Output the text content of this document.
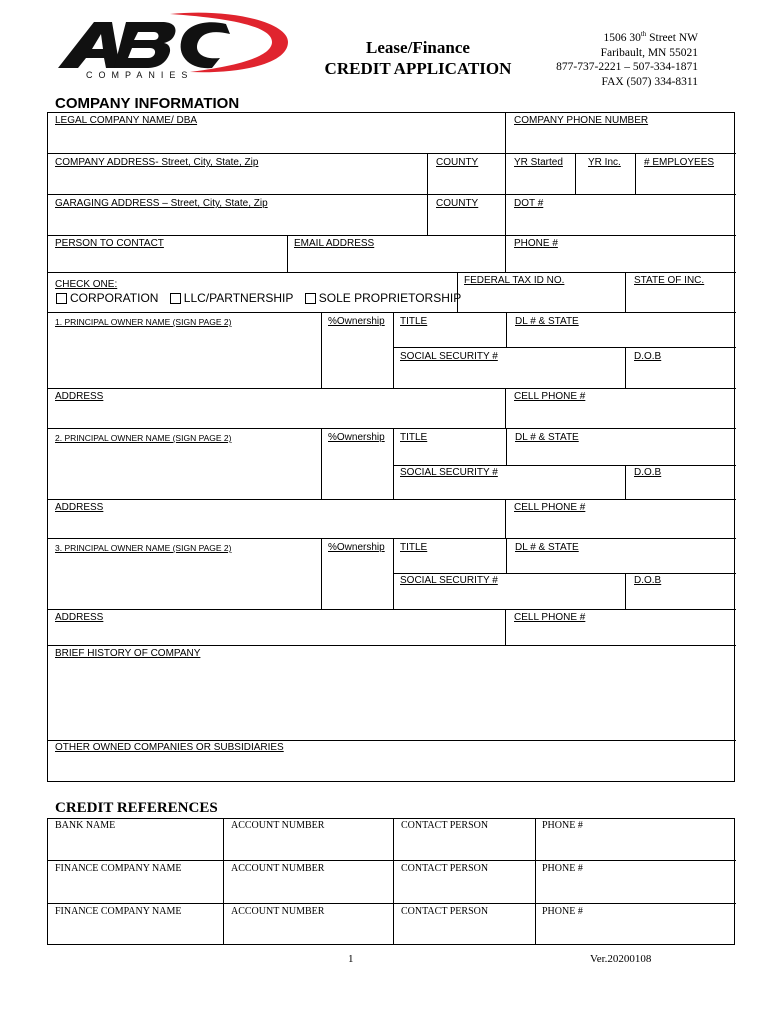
COMPANIES
Lease/Finance
CREDIT APPLICATION
1506 30th Street NW
Faribault, MN 55021
877-737-2221 – 507-334-1871
FAX (507) 334-8311
COMPANY INFORMATION
LEGAL COMPANY NAME/ DBA	COMPANY PHONE NUMBER
COMPANY ADDRESS- Street, City, State, Zip	COUNTY	YR Started	YR Inc. # EMPLOYEES
GARAGING ADDRESS – Street, City, State, Zip	COUNTY	DOT #
PERSON TO CONTACT	EMAIL ADDRESS	PHONE #
FEDERAL TAX ID NO.	STATE OF INC.
CHECK ONE:
CORPORATION
LLC/PARTNERSHIP
SOLE PROPRIETORSHIP
1. PRINCIPAL OWNER NAME (SIGN PAGE 2)	%Ownership TITLE	DL # & STATE
SOCIAL SECURITY #	D.O.B
ADDRESS	CELL PHONE #
2. PRINCIPAL OWNER NAME (SIGN PAGE 2)	%Ownership TITLE	DL # & STATE
SOCIAL SECURITY #	D.O.B
ADDRESS	CELL PHONE #
3. PRINCIPAL OWNER NAME (SIGN PAGE 2)	%Ownership TITLE	DL # & STATE
SOCIAL SECURITY #	D.O.B
ADDRESS	CELL PHONE #
BRIEF HISTORY OF COMPANY
OTHER OWNED COMPANIES OR SUBSIDIARIES
CREDIT REFERENCES
BANK NAME	ACCOUNT NUMBER	CONTACT PERSON	PHONE #
FINANCE COMPANY NAME	ACCOUNT NUMBER	CONTACT PERSON	PHONE #
FINANCE COMPANY NAME	ACCOUNT NUMBER	CONTACT PERSON	PHONE #
1	Ver.20200108
